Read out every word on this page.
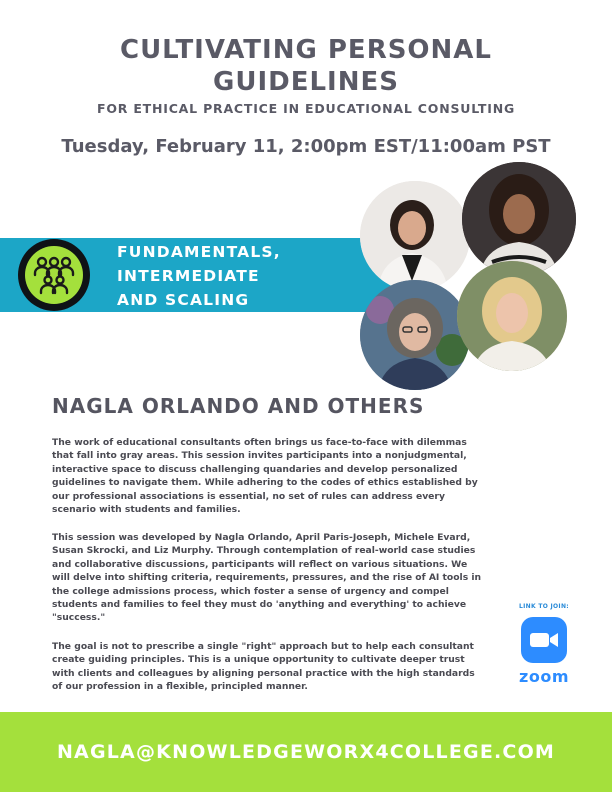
CULTIVATING PERSONAL
GUIDELINES
FOR ETHICAL PRACTICE IN EDUCATIONAL CONSULTING
Tuesday, February 11, 2:00pm EST/11:00am PST
FUNDAMENTALS,
INTERMEDIATE
AND SCALING
NAGLA ORLANDO AND OTHERS

The work of educational consultants often brings us face-to-face with dilemmas that fall into gray areas. This session invites participants into a nonjudgmental, interactive space to discuss challenging quandaries and develop personalized guidelines to navigate them. While adhering to the codes of ethics established by our professional associations is essential, no set of rules can address every scenario with students and families.

This session was developed by Nagla Orlando, April Paris-Joseph, Michele Evard, Susan Skrocki, and Liz Murphy. Through contemplation of real-world case studies and collaborative discussions, participants will reflect on various situations. We will delve into shifting criteria, requirements, pressures, and the rise of AI tools in the college admissions process, which foster a sense of urgency and compel students and families to feel they must do 'anything and everything' to achieve "success."

The goal is not to prescribe a single "right" approach but to help each consultant create guiding principles. This is a unique opportunity to cultivate deeper trust with clients and colleagues by aligning personal practice with the high standards of our profession in a flexible, principled manner.

LINK TO JOIN:
zoom
NAGLA@KNOWLEDGEWORX4COLLEGE.COM
